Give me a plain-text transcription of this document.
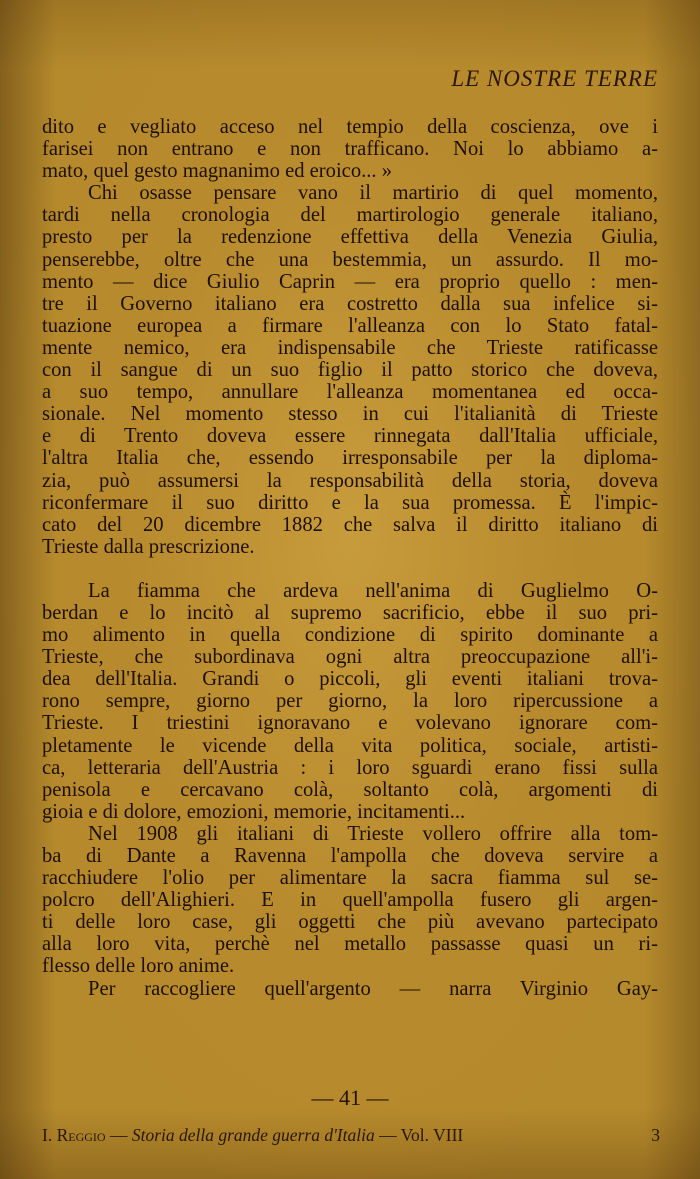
LE NOSTRE TERRE
dito e vegliato acceso nel tempio della coscienza, ove i
farisei non entrano e non trafficano. Noi lo abbiamo a-
mato, quel gesto magnanimo ed eroico... »
Chi osasse pensare vano il martirio di quel momento,
tardi nella cronologia del martirologio generale italiano,
presto per la redenzione effettiva della Venezia Giulia,
penserebbe, oltre che una bestemmia, un assurdo. Il mo-
mento — dice Giulio Caprin — era proprio quello : men-
tre il Governo italiano era costretto dalla sua infelice si-
tuazione europea a firmare l'alleanza con lo Stato fatal-
mente nemico, era indispensabile che Trieste ratificasse
con il sangue di un suo figlio il patto storico che doveva,
a suo tempo, annullare l'alleanza momentanea ed occa-
sionale. Nel momento stesso in cui l'italianità di Trieste
e di Trento doveva essere rinnegata dall'Italia ufficiale,
l'altra Italia che, essendo irresponsabile per la diploma-
zia, può assumersi la responsabilità della storia, doveva
riconfermare il suo diritto e la sua promessa. È l'impic-
cato del 20 dicembre 1882 che salva il diritto italiano di
Trieste dalla prescrizione.
La fiamma che ardeva nell'anima di Guglielmo O-
berdan e lo incitò al supremo sacrificio, ebbe il suo pri-
mo alimento in quella condizione di spirito dominante a
Trieste, che subordinava ogni altra preoccupazione all'i-
dea dell'Italia. Grandi o piccoli, gli eventi italiani trova-
rono sempre, giorno per giorno, la loro ripercussione a
Trieste. I triestini ignoravano e volevano ignorare com-
pletamente le vicende della vita politica, sociale, artisti-
ca, letteraria dell'Austria : i loro sguardi erano fissi sulla
penisola e cercavano colà, soltanto colà, argomenti di
gioia e di dolore, emozioni, memorie, incitamenti...
Nel 1908 gli italiani di Trieste vollero offrire alla tom-
ba di Dante a Ravenna l'ampolla che doveva servire a
racchiudere l'olio per alimentare la sacra fiamma sul se-
polcro dell'Alighieri. E in quell'ampolla fusero gli argen-
ti delle loro case, gli oggetti che più avevano partecipato
alla loro vita, perchè nel metallo passasse quasi un ri-
flesso delle loro anime.
Per raccogliere quell'argento — narra Virginio Gay-
— 41 —
I. Reggio — Storia della grande guerra d'Italia — Vol. VIII	3
